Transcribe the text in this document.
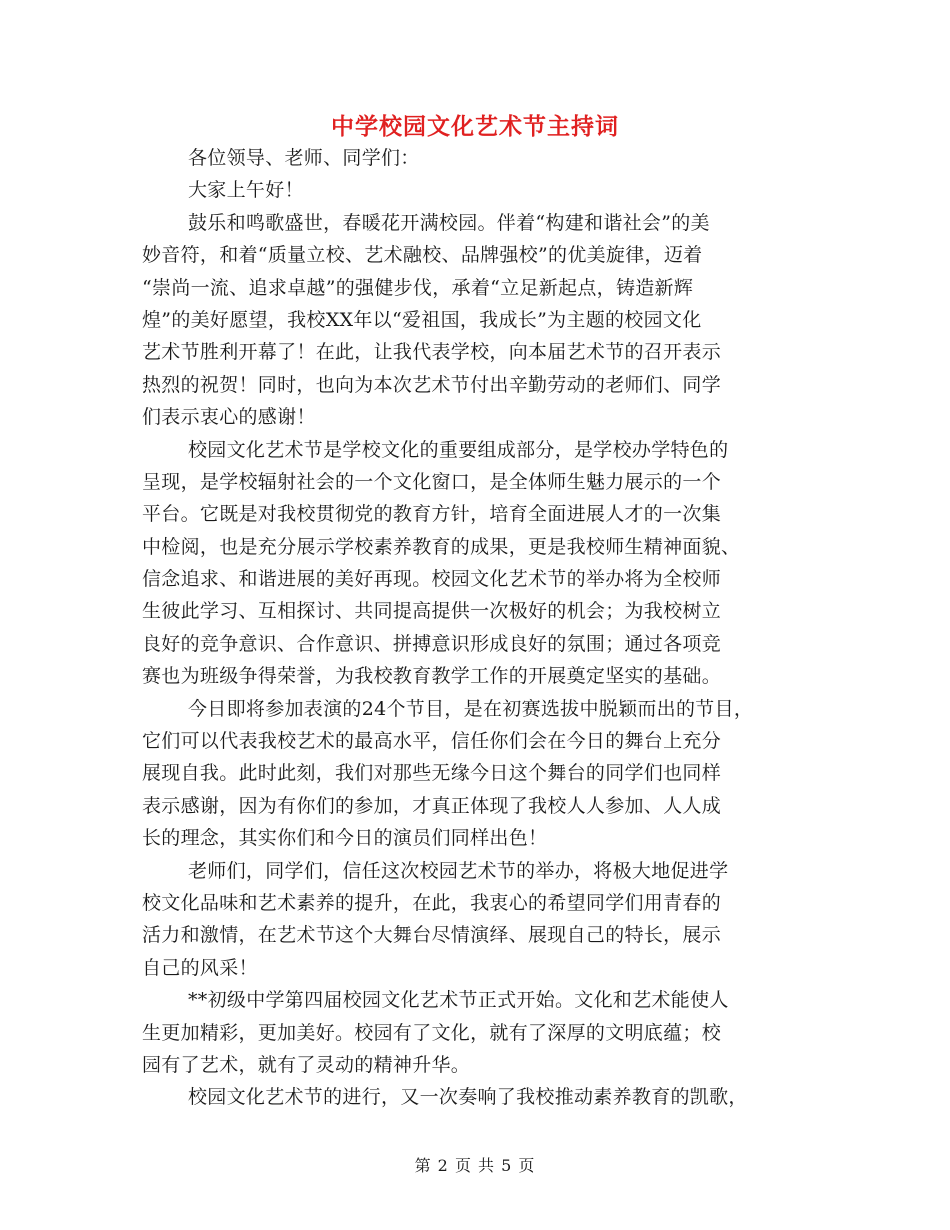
中学校园文化艺术节主持词
各位领导、老师、同学们：
大家上午好！
鼓乐和鸣歌盛世，春暖花开满校园。伴着“构建和谐社会”的美
妙音符，和着“质量立校、艺术融校、品牌强校”的优美旋律，迈着
“崇尚一流、追求卓越”的强健步伐，承着“立足新起点，铸造新辉
煌”的美好愿望，我校XX年以“爱祖国，我成长”为主题的校园文化
艺术节胜利开幕了！在此，让我代表学校，向本届艺术节的召开表示
热烈的祝贺！同时，也向为本次艺术节付出辛勤劳动的老师们、同学
们表示衷心的感谢！
校园文化艺术节是学校文化的重要组成部分，是学校办学特色的
呈现，是学校辐射社会的一个文化窗口，是全体师生魅力展示的一个
平台。它既是对我校贯彻党的教育方针，培育全面进展人才的一次集
中检阅，也是充分展示学校素养教育的成果，更是我校师生精神面貌、
信念追求、和谐进展的美好再现。校园文化艺术节的举办将为全校师
生彼此学习、互相探讨、共同提高提供一次极好的机会；为我校树立
良好的竞争意识、合作意识、拼搏意识形成良好的氛围；通过各项竞
赛也为班级争得荣誉，为我校教育教学工作的开展奠定坚实的基础。
今日即将参加表演的24个节目，是在初赛选拔中脱颖而出的节目，
它们可以代表我校艺术的最高水平，信任你们会在今日的舞台上充分
展现自我。此时此刻，我们对那些无缘今日这个舞台的同学们也同样
表示感谢，因为有你们的参加，才真正体现了我校人人参加、人人成
长的理念，其实你们和今日的演员们同样出色！
老师们，同学们，信任这次校园艺术节的举办，将极大地促进学
校文化品味和艺术素养的提升，在此，我衷心的希望同学们用青春的
活力和激情，在艺术节这个大舞台尽情演绎、展现自己的特长，展示
自己的风采！
**初级中学第四届校园文化艺术节正式开始。文化和艺术能使人
生更加精彩，更加美好。校园有了文化，就有了深厚的文明底蕴；校
园有了艺术，就有了灵动的精神升华。
校园文化艺术节的进行，又一次奏响了我校推动素养教育的凯歌，
第 2 页 共 5 页
